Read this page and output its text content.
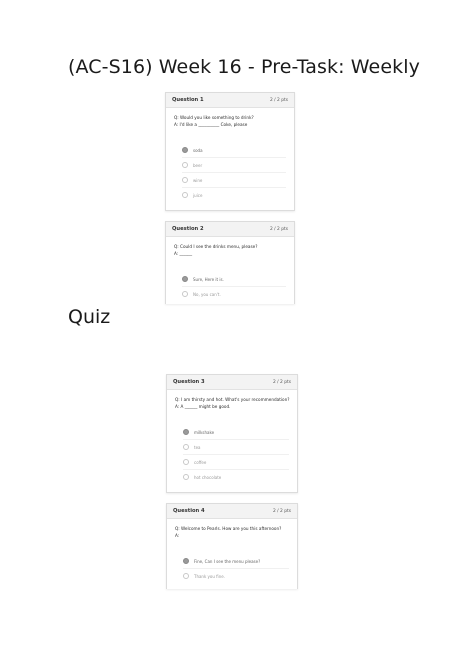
(AC-S16) Week 16 - Pre-Task: Weekly
Quiz
Question 1	2 / 2 pts
Q: Would you like something to drink?
A: I'd like a __________ Coke, please
soda
beer
wine
juice
Question 2	2 / 2 pts
Q: Could I see the drinks menu, please?
A: ______
Sure, Here it is.
No, you can't.
Question 3	2 / 2 pts
Q: I am thirsty and hot. What's your recommendation?
A: A ______ might be good.
milkshake
tea
coffee
hot chocolate
Question 4	2 / 2 pts
Q: Welcome to Pearls. How are you this afternoon?
A:
Fine, Can I see the menu please?
Thank you fine.
